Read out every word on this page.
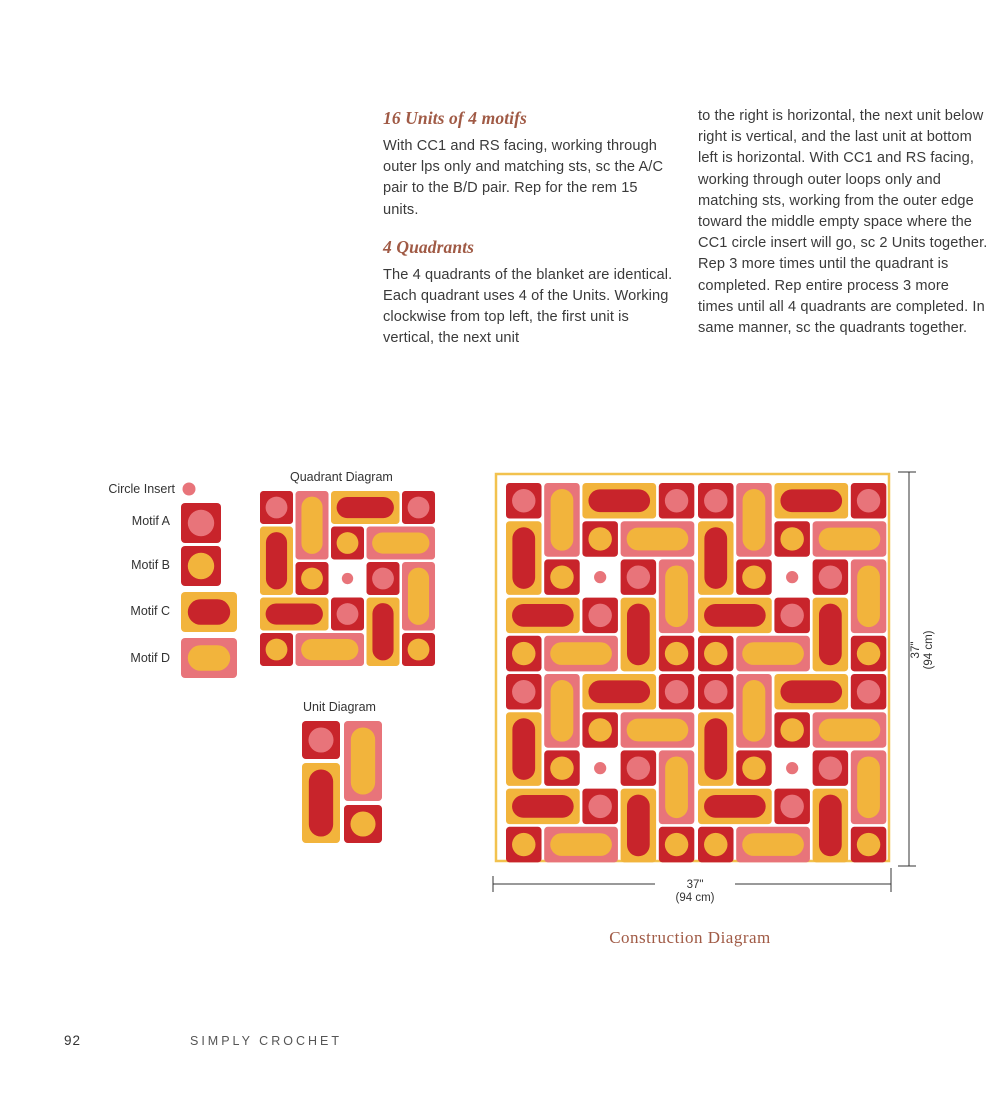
16 Units of 4 motifs

With CC1 and RS facing, working through outer lps only and matching sts, sc the A/C pair to the B/D pair. Rep for the rem 15 units.

4 Quadrants

The 4 quadrants of the blanket are identical. Each quadrant uses 4 of the Units. Working clockwise from top left, the first unit is vertical, the next unit

to the right is horizontal, the next unit below right is vertical, and the last unit at bottom left is horizontal. With CC1 and RS facing, working through outer loops only and matching sts, working from the outer edge toward the middle empty space where the CC1 circle insert will go, sc 2 Units together. Rep 3 more times until the quadrant is completed. Rep entire process 3 more times until all 4 quadrants are completed. In same manner, sc the quadrants together.

Circle Insert
Motif A
Motif B
Motif C
Motif D
Quadrant Diagram
Unit Diagram
37"
(94 cm)
37" (94 cm)
Construction Diagram
92	SIMPLY CROCHET
